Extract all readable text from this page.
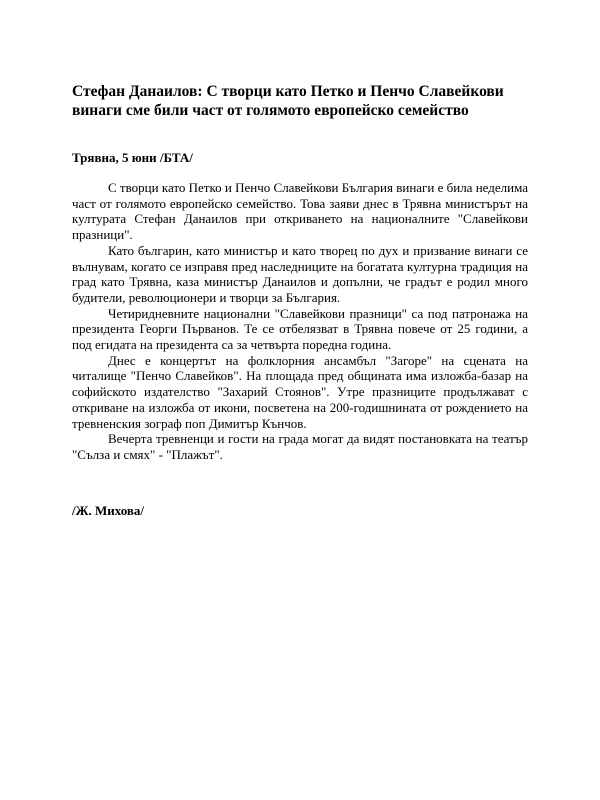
Стефан Данаилов: С творци като Петко и Пенчо Славейкови винаги сме били част от голямото европейско семейство

Трявна, 5 юни /БТА/

С творци като Петко и Пенчо Славейкови България винаги е била неделима част от голямото европейско семейство. Това заяви днес в Трявна министърът на културата Стефан Данаилов при откриването на националните "Славейкови празници".

Като българин, като министър и като творец по дух и призвание винаги се вълнувам, когато се изправя пред наследниците на богатата културна традиция на град като Трявна, каза министър Данаилов и допълни, че градът е родил много будители, революционери и творци за България.

Четиридневните национални "Славейкови празници" са под патронажа на президента Георги Първанов. Те се отбелязват в Трявна повече от 25 години, а под егидата на президента са за четвърта поредна година.

Днес е концертът на фолклорния ансамбъл "Загоре" на сцената на читалище "Пенчо Славейков". На площада пред общината има изложба-базар на софийското издателство "Захарий Стоянов". Утре празниците продължават с откриване на изложба от икони, посветена на 200-годишнината от рождението на тревненския зограф поп Димитър Кънчов.

Вечерта тревненци и гости на града могат да видят постановката на театър "Сълза и смях" - "Плажът".

/Ж. Михова/
